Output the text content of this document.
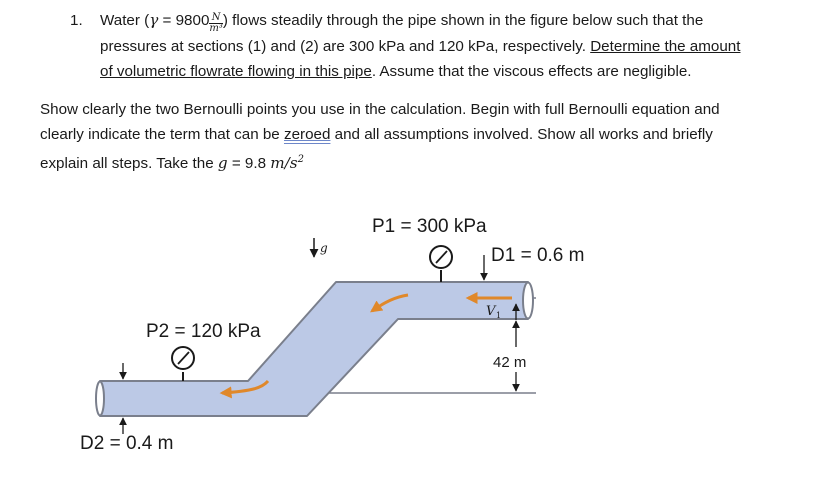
1. Water ($\gamma = 9800 \frac{N}{\text{m³}}$ ) flows steadily through the pipe shown in the figure below such that the
pressures at sections (1) and (2) are 300 kPa and 120 kPa, respectively. Determine the amount
of volumetric flowrate flowing in this pipe. Assume that the viscous effects are negligible.
Show clearly the two Bernoulli points you use in the calculation. Begin with full Bernoulli equation and
clearly indicate the term that can be zeroed and all assumptions involved. Show all works and briefly
explain all steps. Take the g = 9.8 $m/s^2$
V 1
g
P1 = 300 kPa
D1 = 0.6 m
P2 = 120 kPa
D2 = 0.4 m
42 m
